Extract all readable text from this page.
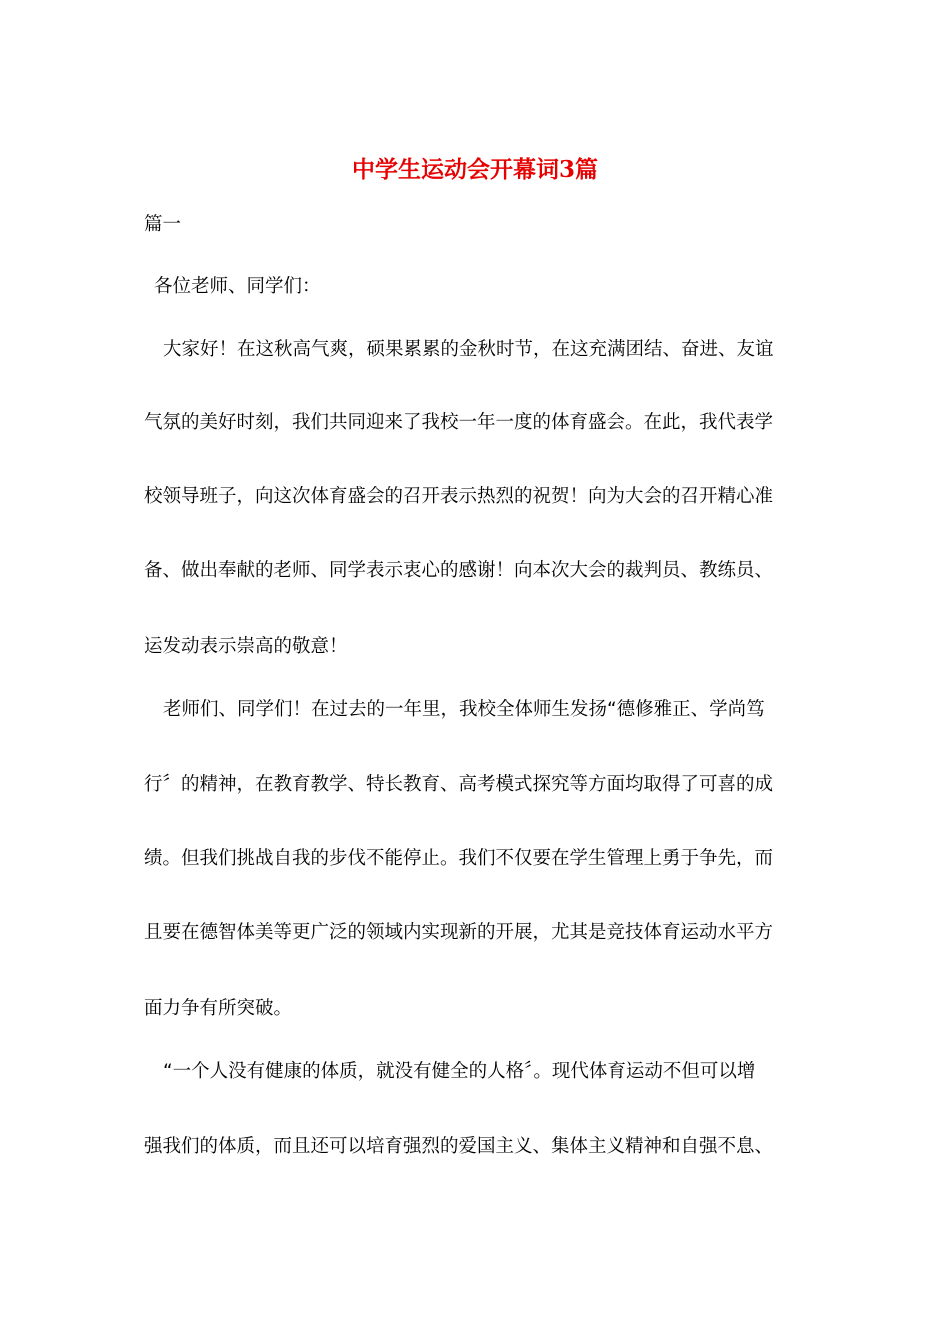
中学生运动会开幕词3篇

篇一

各位老师、同学们：

大家好！在这秋高气爽，硕果累累的金秋时节，在这充满团结、奋进、友谊

气氛的美好时刻，我们共同迎来了我校一年一度的体育盛会。在此，我代表学

校领导班子，向这次体育盛会的召开表示热烈的祝贺！向为大会的召开精心准

备、做出奉献的老师、同学表示衷心的感谢！向本次大会的裁判员、教练员、

运发动表示崇高的敬意！

老师们、同学们！在过去的一年里，我校全体师生发扬“德修雅正、学尚笃

行〞的精神，在教育教学、特长教育、高考模式探究等方面均取得了可喜的成

绩。但我们挑战自我的步伐不能停止。我们不仅要在学生管理上勇于争先，而

且要在德智体美等更广泛的领域内实现新的开展，尤其是竞技体育运动水平方

面力争有所突破。

“一个人没有健康的体质，就没有健全的人格〞。现代体育运动不但可以增

强我们的体质，而且还可以培育强烈的爱国主义、集体主义精神和自强不息、
